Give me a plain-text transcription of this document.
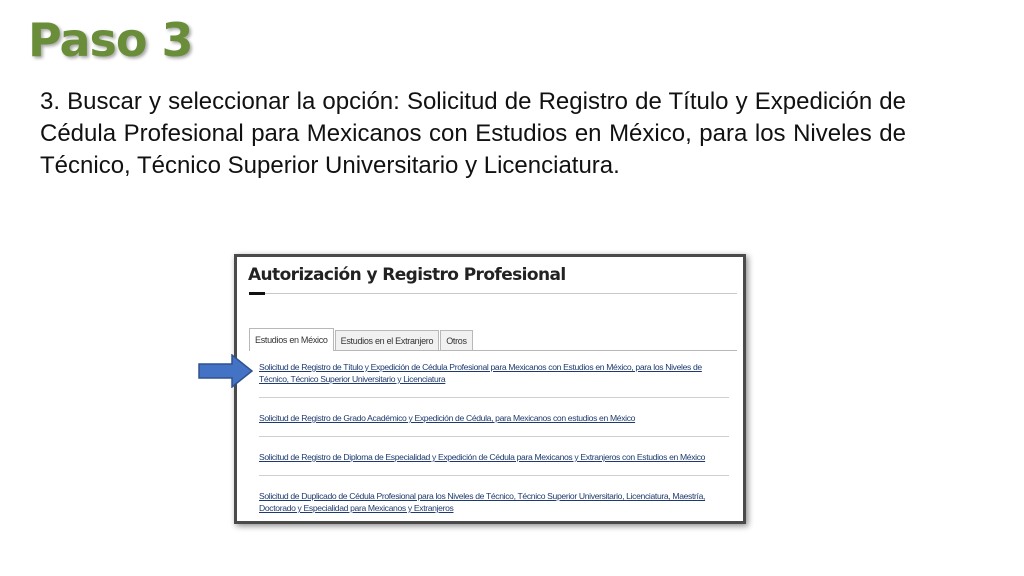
Paso 3

3. Buscar y seleccionar la opción: Solicitud de Registro de Título y Expedición de Cédula Profesional para Mexicanos con Estudios en México, para los Niveles de Técnico, Técnico Superior Universitario y Licenciatura.

Autorización y Registro Profesional
Estudios en México	Estudios en el Extranjero	Otros
Solicitud de Registro de Título y Expedición de Cédula Profesional para Mexicanos con Estudios en México, para los Niveles de Técnico, Técnico Superior Universitario y Licenciatura
Solicitud de Registro de Grado Académico y Expedición de Cédula, para Mexicanos con estudios en México
Solicitud de Registro de Diploma de Especialidad y Expedición de Cédula para Mexicanos y Extranjeros con Estudios en México
Solicitud de Duplicado de Cédula Profesional para los Niveles de Técnico, Técnico Superior Universitario, Licenciatura, Maestría, Doctorado y Especialidad para Mexicanos y Extranjeros
